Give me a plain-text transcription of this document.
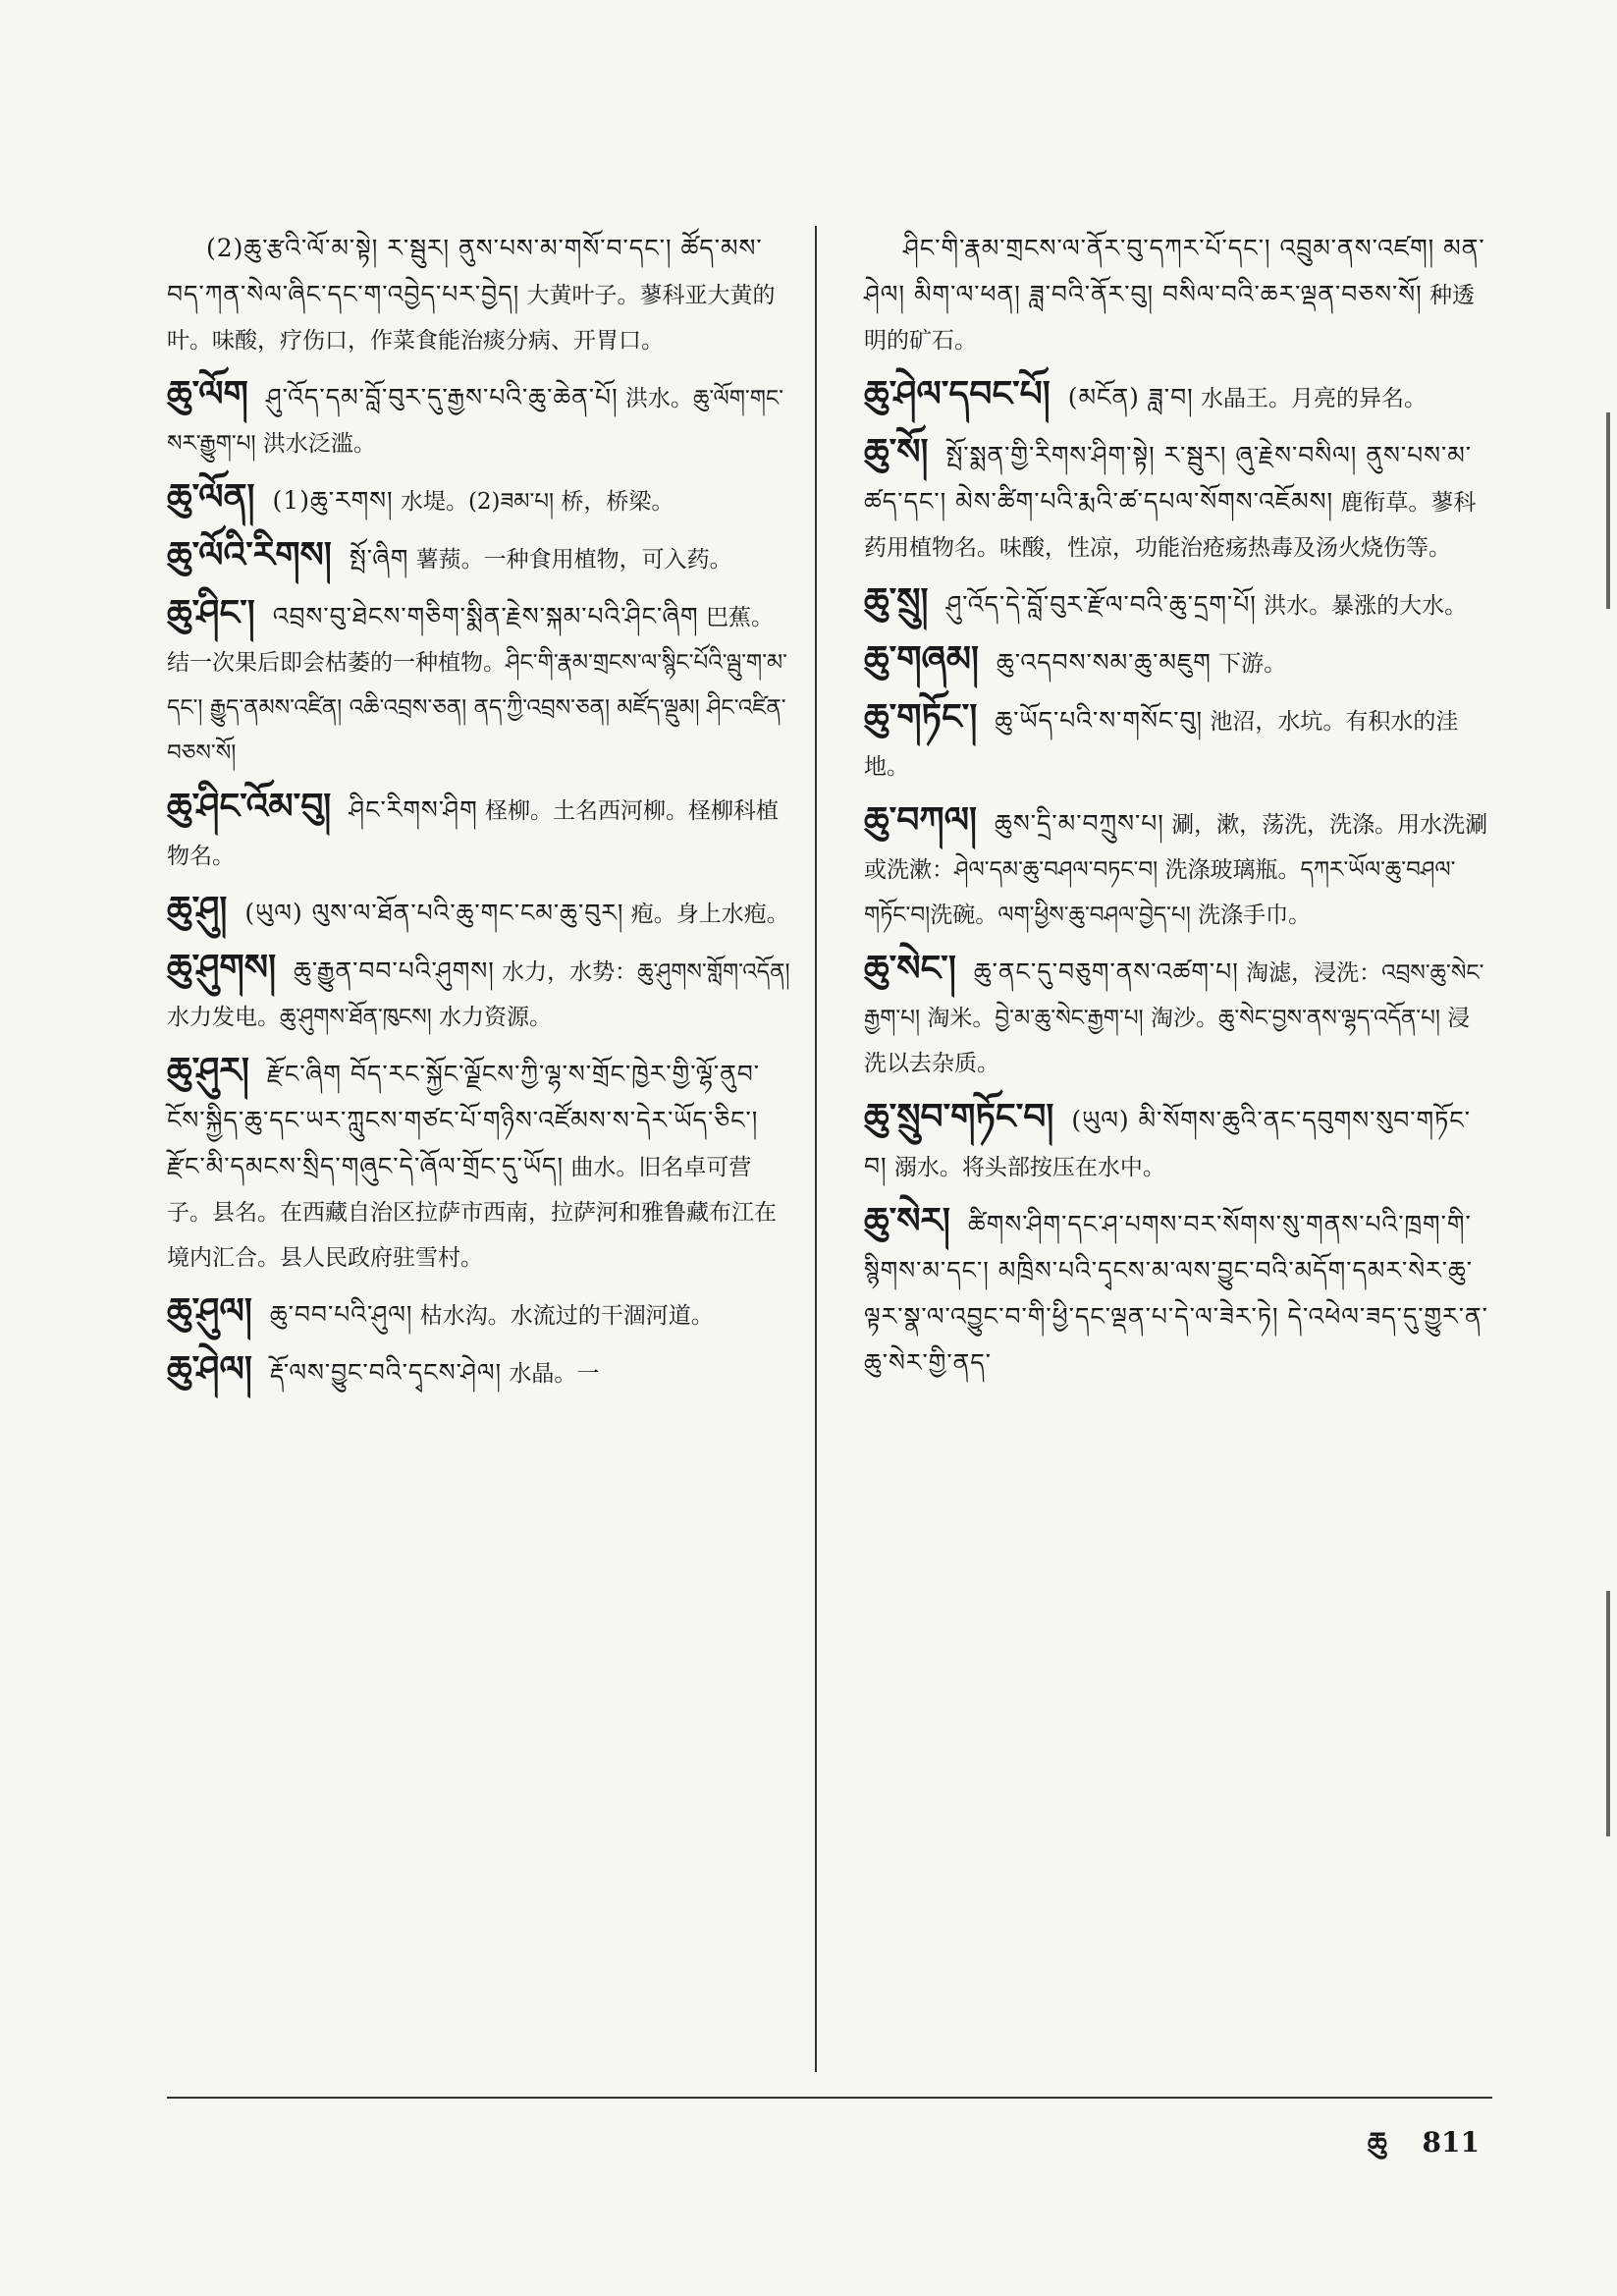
(2)ཆུ་རྩའི་ལོ་མ་སྟེ། ར་སྦུར། ནུས་པས་མ་གསོ་བ་དང་། ཚོད་མས་བད་ཀན་སེལ་ཞིང་དང་ག་འབྱེད་པར་བྱེད། 大黄叶子。蓼科亚大黄的叶。味酸，疗伤口，作菜食能治痰分病、开胃口。
ཆུ་ལོག ཤུ་འོད་དམ་བློ་བུར་དུ་རྒྱས་པའི་ཆུ་ཆེན་པོ། 洪水。ཆུ་ལོག་གང་སར་རྒྱུག་པ། 洪水泛滥。
ཆུ་ལོན། (1)ཆུ་རགས། 水堤。(2)ཟམ་པ། 桥，桥梁。
ཆུ་ལོའི་རིགས། སྤོ་ཞིག 薯蓣。一种食用植物，可入药。
ཆུ་ཤིང་། འབྲས་བུ་ཐེངས་གཅིག་སྨིན་རྗེས་སྐམ་པའི་ཤིང་ཞིག 巴蕉。结一次果后即会枯萎的一种植物。ཤིང་གི་རྣམ་གྲངས་ལ་སྙིང་པོའི་ལྦུ་ག་མ་དང་། རྒྱུད་ནམས་འཛིན། འཆི་འབྲས་ཅན། ནད་ཀྱི་འབྲས་ཅན། མཛོད་ལྡུམ། ཤིང་འཛིན་བཅས་སོ།
ཆུ་ཤིང་འོམ་བུ། ཤིང་རིགས་ཤིག 柽柳。土名西河柳。柽柳科植物名。
ཆུ་ཤུ། (ཡུལ) ལུས་ལ་ཐོན་པའི་ཆུ་གང་ངམ་ཆུ་བུར། 疱。身上水疱。
ཆུ་ཤུགས། ཆུ་རྒྱུན་བབ་པའི་ཤུགས། 水力，水势：ཆུ་ཤུགས་གློག་འདོན། 水力发电。ཆུ་ཤུགས་ཐོན་ཁུངས། 水力资源。
ཆུ་ཤུར། རྫོང་ཞིག བོད་རང་སྐྱོང་ལྗོངས་ཀྱི་ལྷ་ས་གྲོང་ཁྱེར་གྱི་ལྷོ་ནུབ་ངོས་སྐྱིད་ཆུ་དང་ཡར་ཀླུངས་གཙང་པོ་གཉིས་འཛོམས་ས་དེར་ཡོད་ཅིང་། རྫོང་མི་དམངས་སྲིད་གཞུང་དེ་ཞོལ་གྲོང་དུ་ཡོད། 曲水。旧名卓可营子。县名。在西藏自治区拉萨市西南，拉萨河和雅鲁藏布江在境内汇合。县人民政府驻雪村。
ཆུ་ཤུལ། ཆུ་བབ་པའི་ཤུལ། 枯水沟。水流过的干涸河道。
ཆུ་ཤེལ། རྡོ་ལས་བྱུང་བའི་དྭངས་ཤེལ། 水晶。一
ཤིང་གི་རྣམ་གྲངས་ལ་ནོར་བུ་དཀར་པོ་དང་། འབྲུམ་ནས་འཛག། མན་ཤེལ། མིག་ལ་ཕན། ཟླ་བའི་ནོར་བུ། བསིལ་བའི་ཆར་ལྡན་བཅས་སོ། 种透明的矿石。
ཆུ་ཤེལ་དབང་པོ། (མངོན) ཟླ་བ། 水晶王。月亮的异名。
ཆུ་སོ། སྤོ་སྨན་གྱི་རིགས་ཤིག་སྟེ། ར་སྦུར། ཞུ་རྗེས་བསིལ། ནུས་པས་མ་ཚད་དང་། མེས་ཚིག་པའི་རྨའི་ཚ་དཔལ་སོགས་འཇོམས། 鹿衔草。蓼科药用植物名。味酸，性凉，功能治疮疡热毒及汤火烧伤等。
ཆུ་སྲུ། ཤུ་འོད་དེ་བློ་བུར་རྫོལ་བའི་ཆུ་དྲག་པོ། 洪水。暴涨的大水。
ཆུ་གཞམ། ཆུ་འདབས་སམ་ཆུ་མཇུག 下游。
ཆུ་གཏོང་། ཆུ་ཡོད་པའི་ས་གསོང་བུ། 池沼，水坑。有积水的洼地。
ཆུ་བཀལ། ཆུས་དྲི་མ་བཀྲུས་པ། 涮，漱，荡洗，洗涤。用水洗涮或洗漱：ཤེལ་དམ་ཆུ་བཤལ་བཏང་བ། 洗涤玻璃瓶。དཀར་ཡོལ་ཆུ་བཤལ་གཏོང་བ།洗碗。ལག་ཕྱིས་ཆུ་བཤལ་བྱེད་པ། 洗涤手巾。
ཆུ་སེང་། ཆུ་ནང་དུ་བཅུག་ནས་འཚག་པ། 淘滤，浸洗：འབྲས་ཆུ་སེང་རྒྱག་པ། 淘米。བྱེ་མ་ཆུ་སེང་རྒྱག་པ། 淘沙。ཆུ་སེང་བྱས་ནས་ལྷད་འདོན་པ། 浸洗以去杂质。
ཆུ་སྲུབ་གཏོང་བ། (ཡུལ) མི་སོགས་ཆུའི་ནང་དབུགས་སུབ་གཏོང་བ། 溺水。将头部按压在水中。
ཆུ་སེར། ཚིགས་ཤིག་དང་ཤ་པགས་བར་སོགས་སུ་གནས་པའི་ཁྲག་གི་སྙིགས་མ་དང་། མཁྲིས་པའི་དྭངས་མ་ལས་བྱུང་བའི་མདོག་དམར་སེར་ཆུ་ལྟར་སྣ་ལ་འབྱུང་བ་གི་ཕྱི་དང་ལྡན་པ་དེ་ལ་ཟེར་ཏེ། དེ་འཕེལ་ཟད་དུ་གྱུར་ན་ཆུ་སེར་གྱི་ནད་
ཆུ 811
